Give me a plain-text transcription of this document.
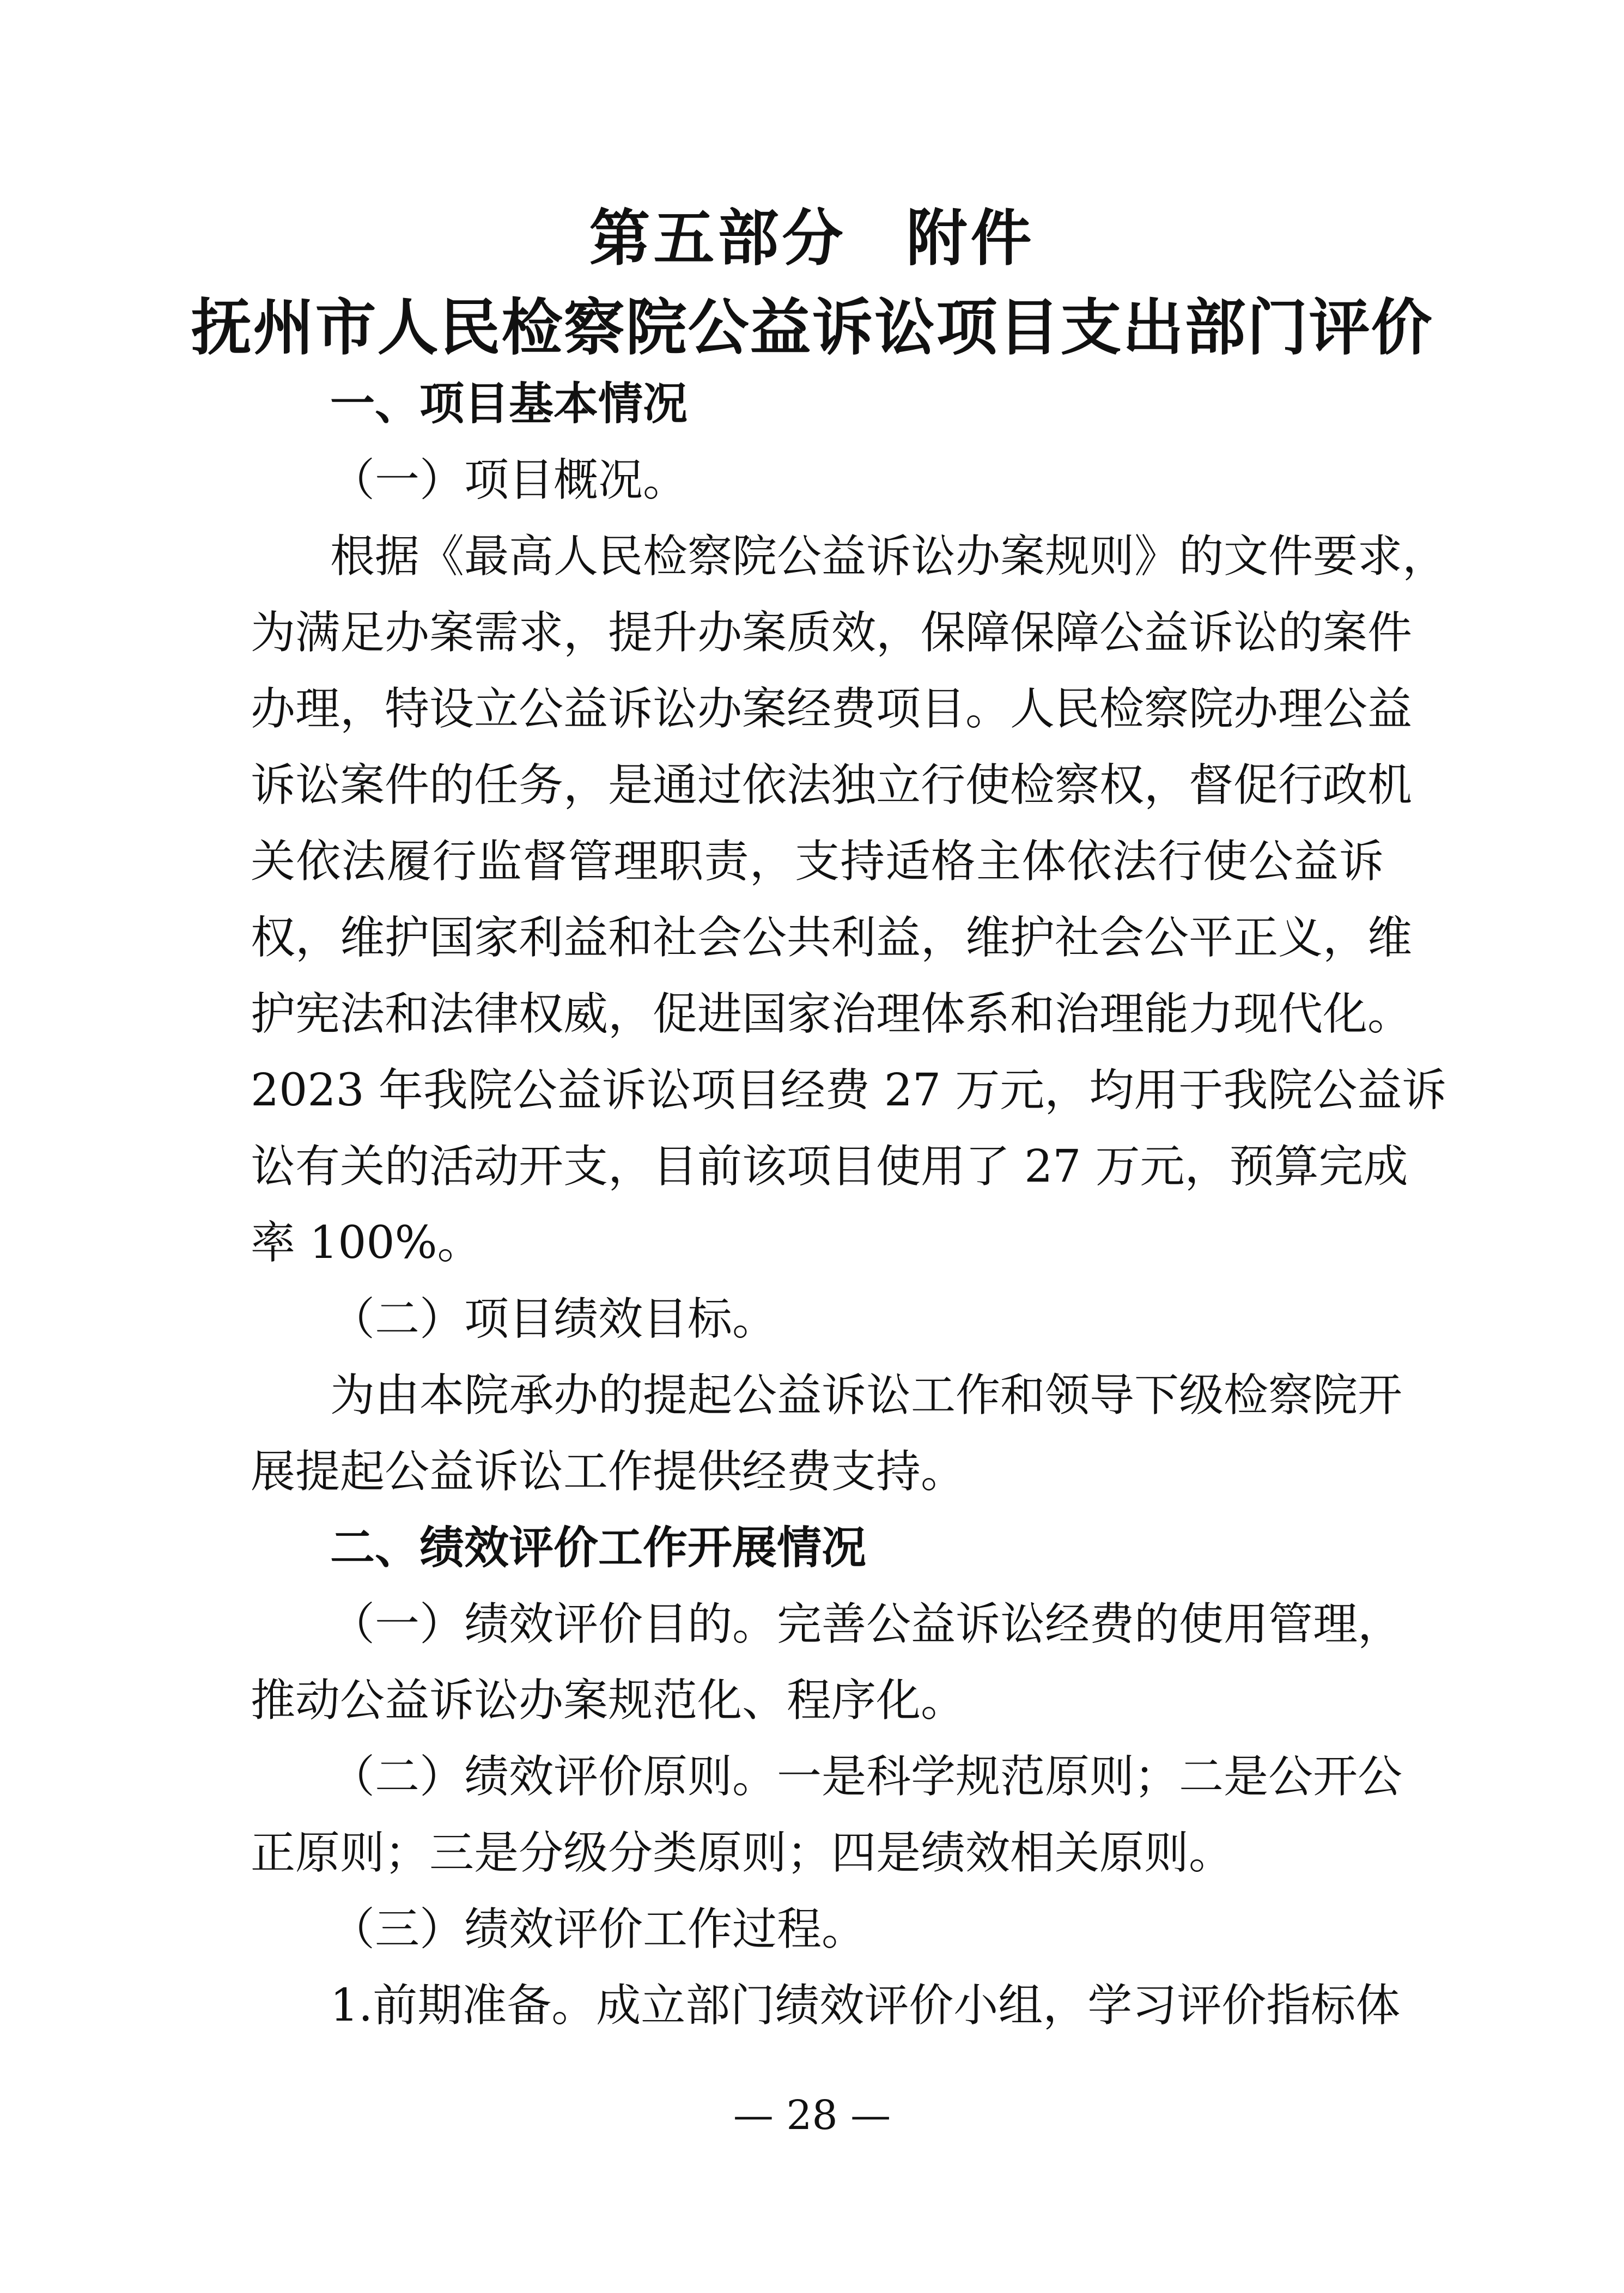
第五部分 附件
抚州市人民检察院公益诉讼项目支出部门评价
一、项目基本情况
（一）项目概况。
根据《最高人民检察院公益诉讼办案规则》的文件要求，
为满足办案需求，提升办案质效，保障保障公益诉讼的案件
办理，特设立公益诉讼办案经费项目。人民检察院办理公益
诉讼案件的任务，是通过依法独立行使检察权，督促行政机
关依法履行监督管理职责，支持适格主体依法行使公益诉
权，维护国家利益和社会公共利益，维护社会公平正义，维
护宪法和法律权威，促进国家治理体系和治理能力现代化。
2023 年我院公益诉讼项目经费 27 万元，均用于我院公益诉
讼有关的活动开支，目前该项目使用了 27 万元，预算完成
率 100%。
（二）项目绩效目标。
为由本院承办的提起公益诉讼工作和领导下级检察院开
展提起公益诉讼工作提供经费支持。
二、绩效评价工作开展情况
（一）绩效评价目的。完善公益诉讼经费的使用管理，
推动公益诉讼办案规范化、程序化。
（二）绩效评价原则。一是科学规范原则；二是公开公
正原则；三是分级分类原则；四是绩效相关原则。
（三）绩效评价工作过程。
1.前期准备。成立部门绩效评价小组，学习评价指标体
— 28 —
